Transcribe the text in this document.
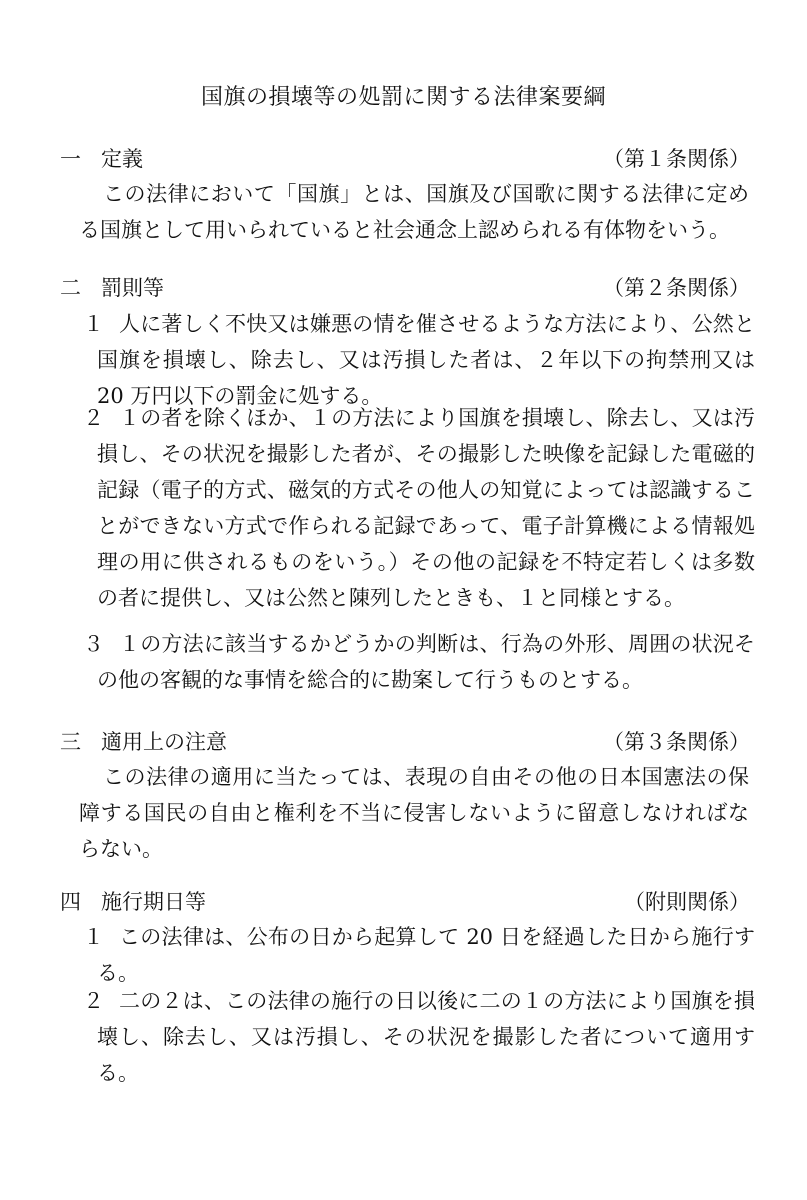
国旗の損壊等の処罰に関する法律案要綱
一 定義	（第１条関係）
この法律において「国旗」とは、国旗及び国歌に関する法律に定める国旗として用いられていると社会通念上認められる有体物をいう。
二 罰則等	（第２条関係）
１ 人に著しく不快又は嫌悪の情を催させるような方法により、公然と国旗を損壊し、除去し、又は汚損した者は、２年以下の拘禁刑又は 20 万円以下の罰金に処する。
２ １の者を除くほか、１の方法により国旗を損壊し、除去し、又は汚損し、その状況を撮影した者が、その撮影した映像を記録した電磁的記録（電子的方式、磁気的方式その他人の知覚によっては認識することができない方式で作られる記録であって、電子計算機による情報処理の用に供されるものをいう。）その他の記録を不特定若しくは多数の者に提供し、又は公然と陳列したときも、１と同様とする。
３ １の方法に該当するかどうかの判断は、行為の外形、周囲の状況その他の客観的な事情を総合的に勘案して行うものとする。
三 適用上の注意	（第３条関係）
この法律の適用に当たっては、表現の自由その他の日本国憲法の保障する国民の自由と権利を不当に侵害しないように留意しなければならない。
四 施行期日等	（附則関係）
１ この法律は、公布の日から起算して 20 日を経過した日から施行する。
２ 二の２は、この法律の施行の日以後に二の１の方法により国旗を損壊し、除去し、又は汚損し、その状況を撮影した者について適用する。
